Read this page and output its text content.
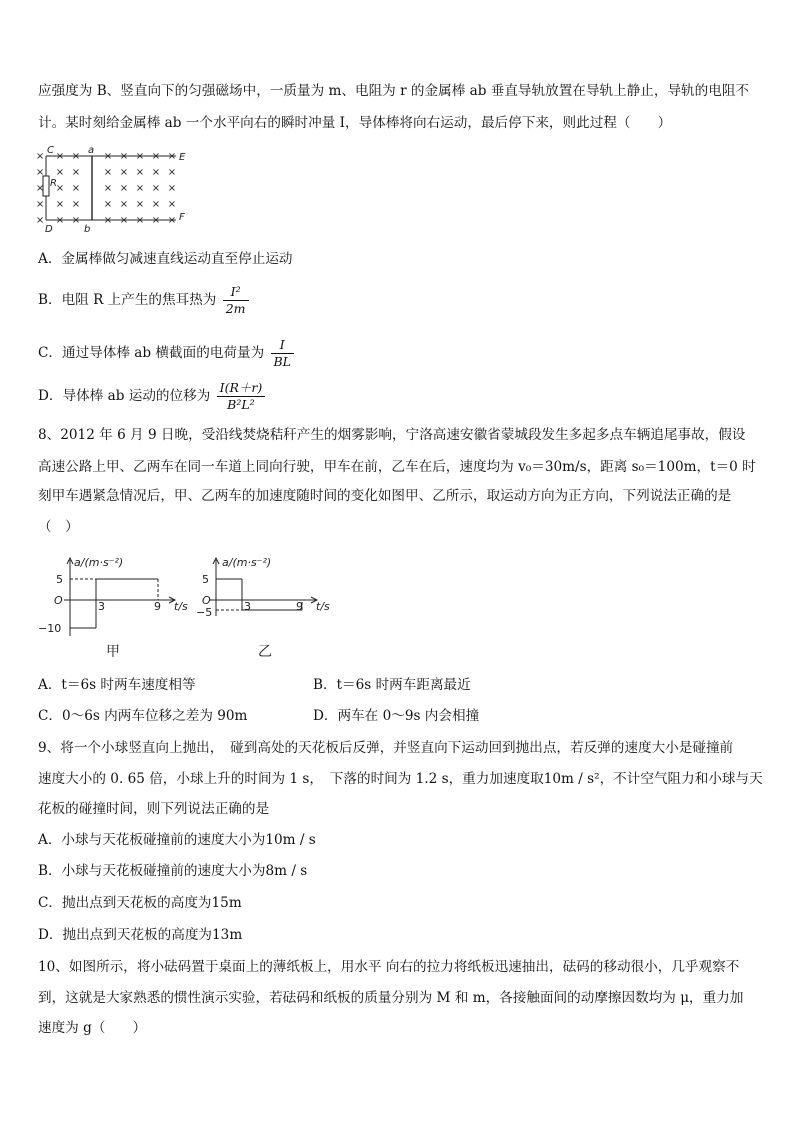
应强度为 B、竖直向下的匀强磁场中，一质量为 m、电阻为 r 的金属棒 ab 垂直导轨放置在导轨上静止，导轨的电阻不
计。某时刻给金属棒 ab 一个水平向右的瞬时冲量 I，导体棒将向右运动，最后停下来，则此过程（　　）
× × × × × × × ×
× × × × × × × ×
× × × × × × × ×
× × × × × × × ×
× × × × × × × ×
C	a
E
R
D	b
F
A．金属棒做匀减速直线运动直至停止运动
B．电阻 R 上产生的焦耳热为 $\frac{\text{I²}}{2m}$
C．通过导体棒 ab 横截面的电荷量为 $\frac{I}{BL}$
D．导体棒 ab 运动的位移为 $\frac{I(R+r)}{\text{B²L²}}$
8、2012 年 6 月 9 日晚，受沿线焚烧秸秆产生的烟雾影响，宁洛高速安徽省蒙城段发生多起多点车辆追尾事故，假设
高速公路上甲、乙两车在同一车道上同向行驶，甲车在前，乙车在后，速度均为 v₀＝30m/s，距离 s₀＝100m，t＝0 时
刻甲车遇紧急情况后，甲、乙两车的加速度随时间的变化如图甲、乙所示，取运动方向为正方向，下列说法正确的是
（　）
a/(m·s⁻²)
5
O
−10
3	9 t/s
甲
a/(m·s⁻²)
5
O
−5	3	9 t/s
乙
A．t＝6s 时两车速度相等	B．t＝6s 时两车距离最近
C．0～6s 内两车位移之差为 90m	D．两车在 0～9s 内会相撞
9、将一个小球竖直向上抛出，　碰到高处的天花板后反弹，并竖直向下运动回到抛出点，若反弹的速度大小是碰撞前
速度大小的 0. 65 倍，小球上升的时间为 1 s，　下落的时间为 1.2 s，重力加速度取10m / s²，不计空气阻力和小球与天
花板的碰撞时间，则下列说法正确的是
A．小球与天花板碰撞前的速度大小为10m / s
B．小球与天花板碰撞前的速度大小为8m / s
C．抛出点到天花板的高度为15m
D．抛出点到天花板的高度为13m
10、如图所示，将小砝码置于桌面上的薄纸板上，用水平 向右的拉力将纸板迅速抽出，砝码的移动很小，几乎观察不
到，这就是大家熟悉的惯性演示实验，若砝码和纸板的质量分别为 M 和 m，各接触面间的动摩擦因数均为 μ，重力加
速度为 g（　　）
